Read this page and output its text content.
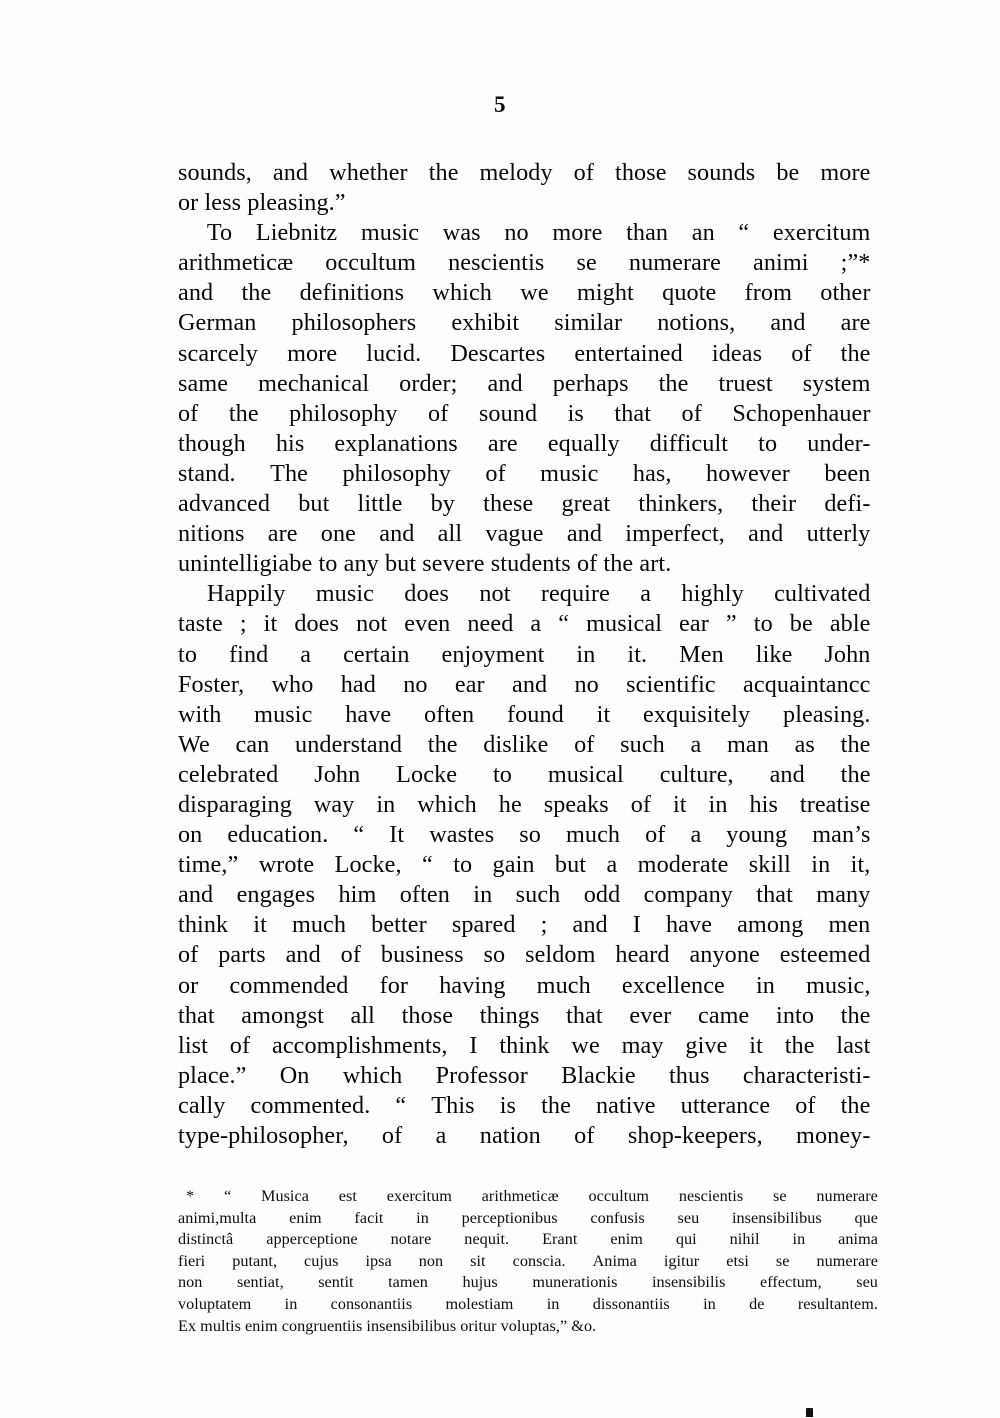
5
sounds, and whether the melody of those sounds be more
or less pleasing.”
To Liebnitz music was no more than an “ exercitum
arithmeticæ occultum nescientis se numerare animi ;”*
and the definitions which we might quote from other
German philosophers exhibit similar notions, and are
scarcely more lucid. Descartes entertained ideas of the
same mechanical order; and perhaps the truest system
of the philosophy of sound is that of Schopenhauer
though his explanations are equally difficult to under-
stand. The philosophy of music has, however been
advanced but little by these great thinkers, their defi-
nitions are one and all vague and imperfect, and utterly
unintelligiabe to any but severe students of the art.
Happily music does not require a highly cultivated
taste ; it does not even need a “ musical ear ” to be able
to find a certain enjoyment in it. Men like John
Foster, who had no ear and no scientific acquaintancc
with music have often found it exquisitely pleasing.
We can understand the dislike of such a man as the
celebrated John Locke to musical culture, and the
disparaging way in which he speaks of it in his treatise
on education. “ It wastes so much of a young man’s
time,” wrote Locke, “ to gain but a moderate skill in it,
and engages him often in such odd company that many
think it much better spared ; and I have among men
of parts and of business so seldom heard anyone esteemed
or commended for having much excellence in music,
that amongst all those things that ever came into the
list of accomplishments, I think we may give it the last
place.” On which Professor Blackie thus characteristi-
cally commented. “ This is the native utterance of the
type-philosopher, of a nation of shop-keepers, money-
* “ Musica est exercitum arithmeticæ occultum nescientis se numerare
animi,multa enim facit in perceptionibus confusis seu insensibilibus que
distinctâ apperceptione notare nequit. Erant enim qui nihil in anima
fieri putant, cujus ipsa non sit conscia. Anima igitur etsi se numerare
non sentiat, sentit tamen hujus munerationis insensibilis effectum, seu
voluptatem in consonantiis molestiam in dissonantiis in de resultantem.
Ex multis enim congruentiis insensibilibus oritur voluptas,” &o.
